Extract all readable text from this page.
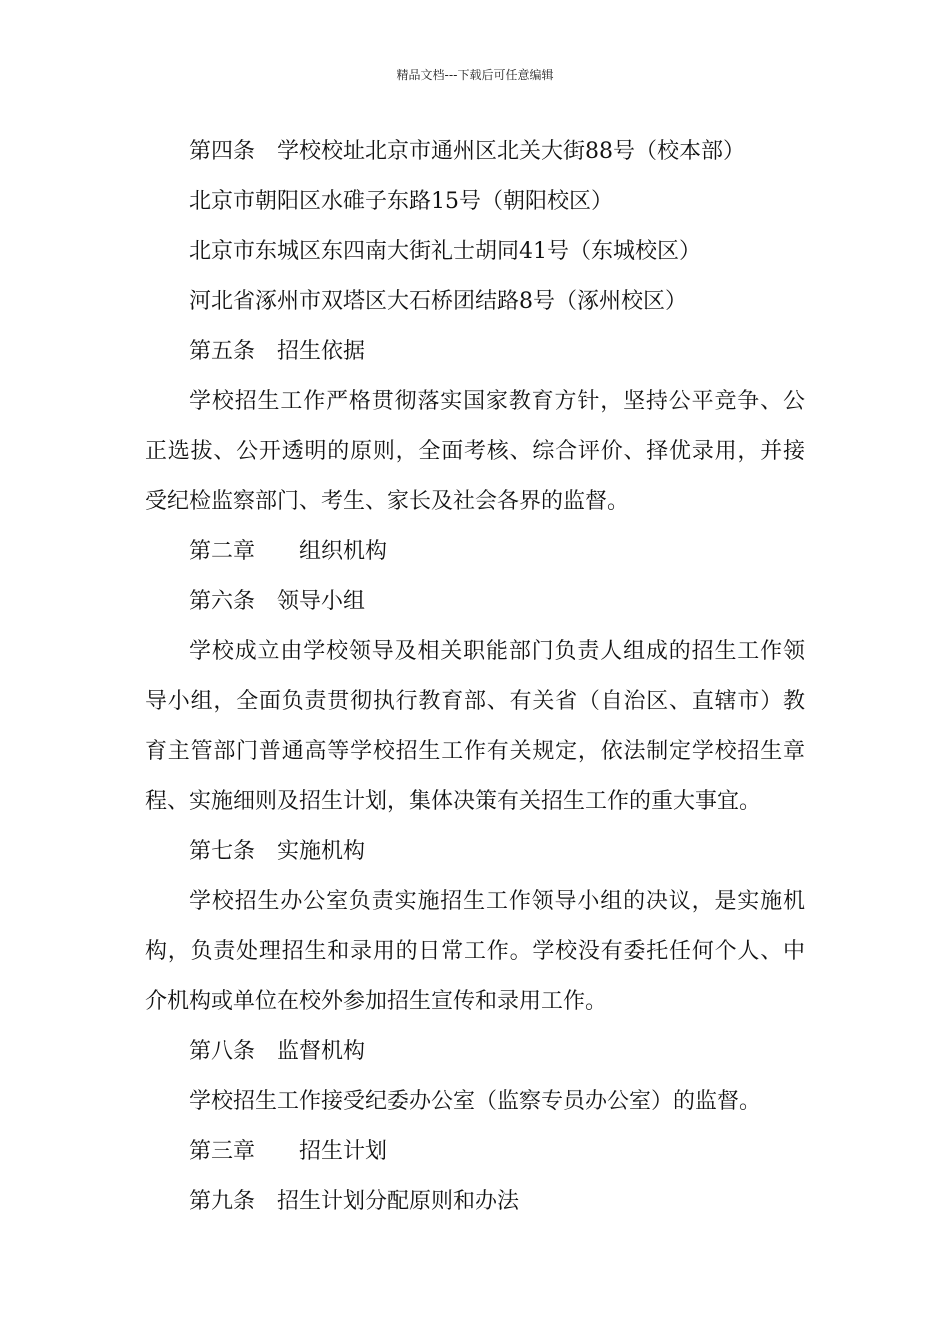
精品文档---下载后可任意编辑
第四条　学校校址北京市通州区北关大街88号（校本部）
北京市朝阳区水碓子东路15号（朝阳校区）
北京市东城区东四南大街礼士胡同41号（东城校区）
河北省涿州市双塔区大石桥团结路8号（涿州校区）
第五条　招生依据
学校招生工作严格贯彻落实国家教育方针，坚持公平竞争、公
正选拔、公开透明的原则，全面考核、综合评价、择优录用，并接
受纪检监察部门、考生、家长及社会各界的监督。
第二章　　组织机构
第六条　领导小组
学校成立由学校领导及相关职能部门负责人组成的招生工作领
导小组，全面负责贯彻执行教育部、有关省（自治区、直辖市）教
育主管部门普通高等学校招生工作有关规定，依法制定学校招生章
程、实施细则及招生计划，集体决策有关招生工作的重大事宜。
第七条　实施机构
学校招生办公室负责实施招生工作领导小组的决议，是实施机
构，负责处理招生和录用的日常工作。学校没有委托任何个人、中
介机构或单位在校外参加招生宣传和录用工作。
第八条　监督机构
学校招生工作接受纪委办公室（监察专员办公室）的监督。
第三章　　招生计划
第九条　招生计划分配原则和办法
